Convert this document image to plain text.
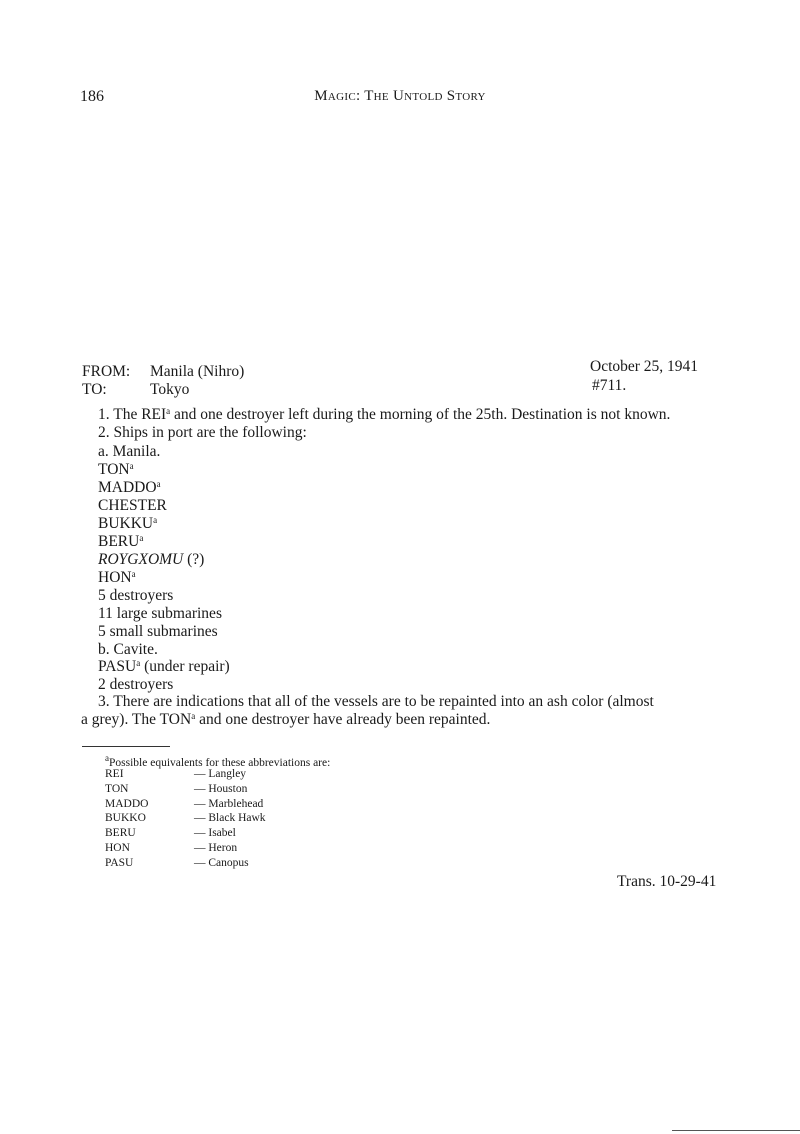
186	Magic: The Untold Story
FROM: Manila (Nihro)
TO:	Tokyo
October 25, 1941
#711.
1. The REI$^a$ and one destroyer left during the morning of the 25th. Destination is not known.
2. Ships in port are the following:
a. Manila.
TON$^a$
MADDO$^a$
CHESTER
BUKKU$^a$
BERU$^a$
ROYGXOMU (?)
HON$^a$
5 destroyers
11 large submarines
5 small submarines
b. Cavite.
PASU$^a$ (under repair)
2 destroyers
3. There are indications that all of the vessels are to be repainted into an ash color (almost
a grey). The TON$^a$ and one destroyer have already been repainted.
$^a$Possible equivalents for these abbreviations are:
REI	— Langley
TON	— Houston
MADDO	— Marblehead
BUKKO	— Black Hawk
BERU	— Isabel
HON	— Heron
PASU	— Canopus
Trans. 10-29-41
